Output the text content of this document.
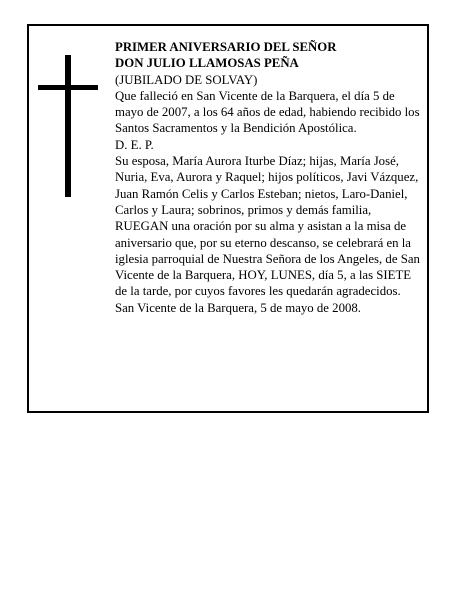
PRIMER ANIVERSARIO DEL SEÑOR

DON JULIO LLAMOSAS PEÑA

(JUBILADO DE SOLVAY)

Que falleció en San Vicente de la Barquera, el día 5 de mayo de 2007, a los 64 años de edad, habiendo recibido los Santos Sacramentos y la Bendición Apostólica.

D. E. P.

Su esposa, María Aurora Iturbe Díaz; hijas, María José, Nuria, Eva, Aurora y Raquel; hijos políticos, Javi Vázquez, Juan Ramón Celis y Carlos Esteban; nietos, Laro-Daniel, Carlos y Laura; sobrinos, primos y demás familia,

RUEGAN una oración por su alma y asistan a la misa de aniversario que, por su eterno descanso, se celebrará en la iglesia parroquial de Nuestra Señora de los Angeles, de San Vicente de la Barquera, HOY, LUNES, día 5, a las SIETE de la tarde, por cuyos favores les quedarán agradecidos.

San Vicente de la Barquera, 5 de mayo de 2008.
